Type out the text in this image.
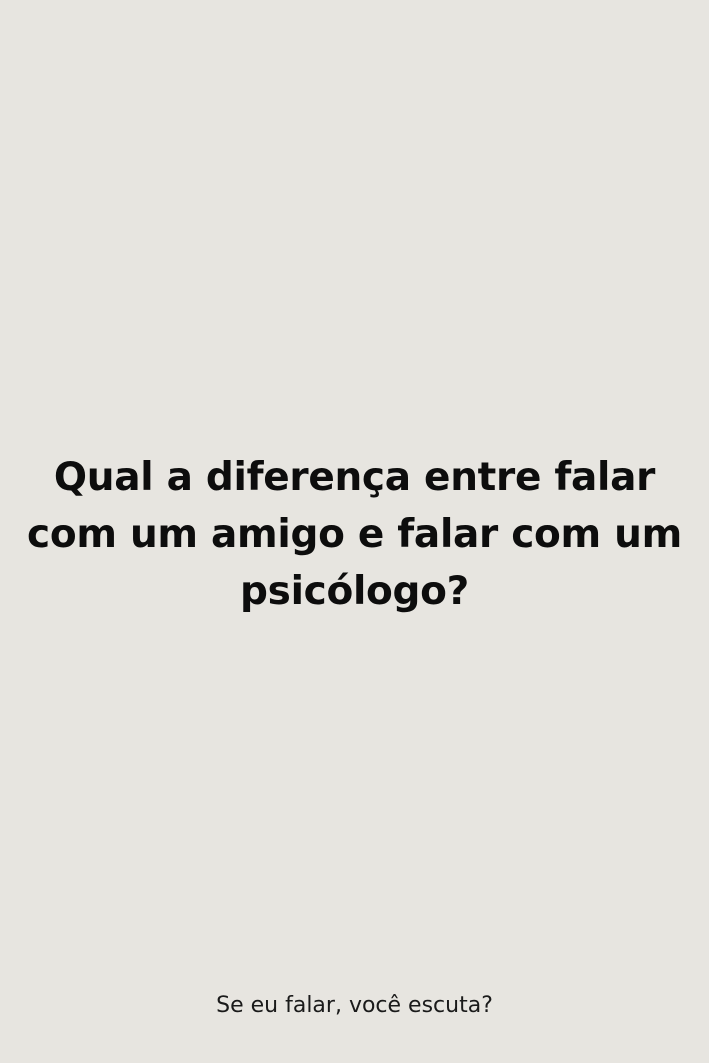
Qual a diferença entre falar com um amigo e falar com um psicólogo?

Se eu falar, você escuta?
